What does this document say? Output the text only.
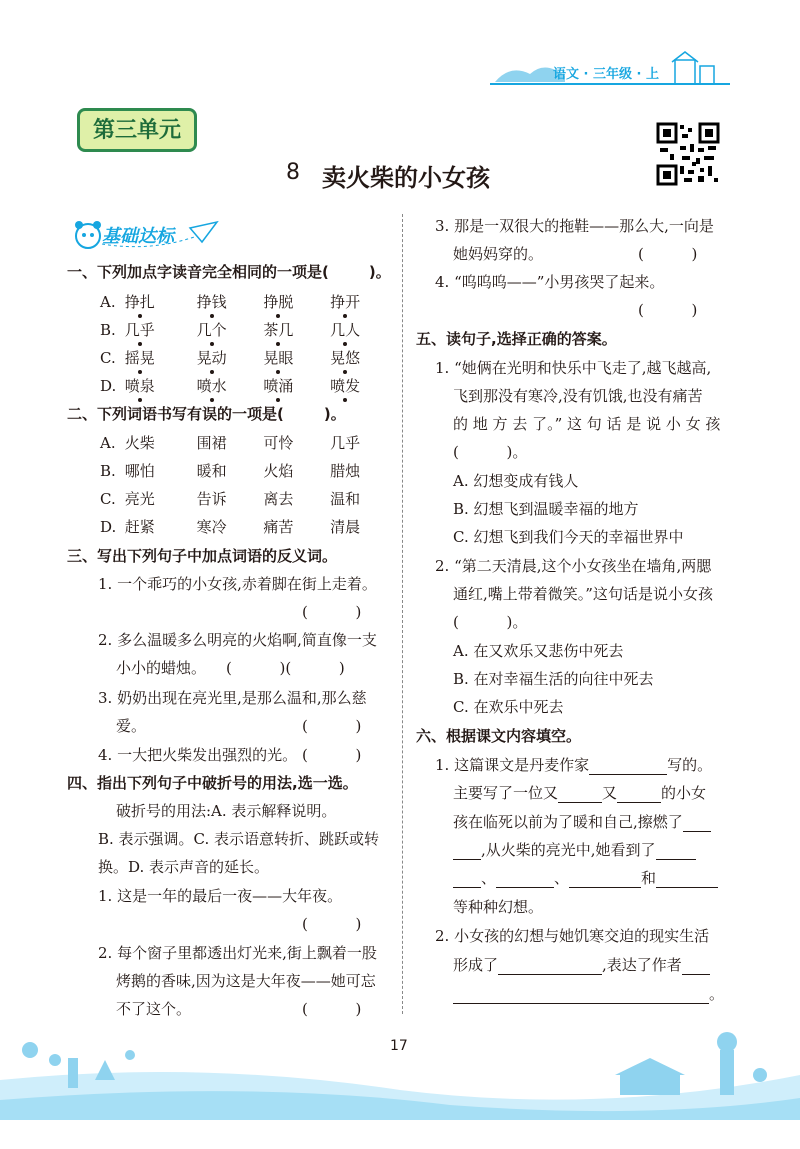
语文 · 三年级 · 上
第三单元
8 卖火柴的小女孩
基础达标
一、下列加点字读音完全相同的一项是(	)。
A. 挣扎	挣钱 挣脱 挣开
B. 几乎	几个 茶几 几人
C. 摇晃	晃动 晃眼 晃悠
D. 喷泉	喷水 喷涌 喷发
二、下列词语书写有误的一项是(	)。
A. 火柴	围裙 可怜 几乎
B. 哪怕	暖和 火焰 腊烛
C. 亮光	告诉 离去 温和
D. 赶紧	寒冷 痛苦 清晨
三、写出下列句子中加点词语的反义词。
1. 一个乖巧的小女孩,赤着脚在街上走着。
(          )
2. 多么温暖多么明亮的火焰啊,简直像一支
小小的蜡烛。 (          )(          )
3. 奶奶出现在亮光里,是那么温和,那么慈
爱。	(          )
4. 一大把火柴发出强烈的光。 (          )
四、指出下列句子中破折号的用法,选一选。
破折号的用法:A. 表示解释说明。
B. 表示强调。C. 表示语意转折、跳跃或转
换。D. 表示声音的延长。
1. 这是一年的最后一夜——大年夜。
(          )
2. 每个窗子里都透出灯光来,街上飘着一股
烤鹅的香味,因为这是大年夜——她可忘
不了这个。	(          )
3. 那是一双很大的拖鞋——那么大,一向是
她妈妈穿的。	(          )
4. “呜呜呜——”小男孩哭了起来。
(          )
五、读句子,选择正确的答案。
1. “她俩在光明和快乐中飞走了,越飞越高,
飞到那没有寒冷,没有饥饿,也没有痛苦
的 地 方 去 了。” 这 句 话 是 说 小 女 孩
(          )。
A. 幻想变成有钱人
B. 幻想飞到温暖幸福的地方
C. 幻想飞到我们今天的幸福世界中
2. “第二天清晨,这个小女孩坐在墙角,两腮
通红,嘴上带着微笑。”这句话是说小女孩
(          )。
A. 在又欢乐又悲伤中死去
B. 在对幸福生活的向往中死去
C. 在欢乐中死去
六、根据课文内容填空。
1. 这篇课文是丹麦作家	写的。
主要写了一位又	又	的小女
孩在临死以前为了暖和自己,擦燃了
,从火柴的亮光中,她看到了
、	、	和
等种种幻想。
2. 小女孩的幻想与她饥寒交迫的现实生活
形成了	,表达了作者
。
17
